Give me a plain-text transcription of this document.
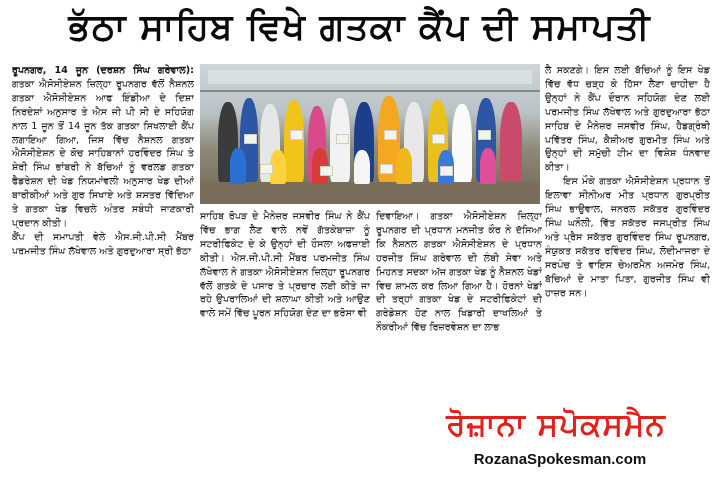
ਭੱਠਾ ਸਾਹਿਬ ਵਿਖੇ ਗਤਕਾ ਕੈਂਪ ਦੀ ਸਮਾਪਤੀ

ਰੂਪਨਗਰ, 14 ਜੂਨ (ਦਰਸ਼ਨ ਸਿੰਘ ਗਰੇਵਾਲ): ਗਤਕਾ ਐਸੋਸੀਏਸ਼ਨ ਜ਼ਿਲ੍ਹਾ ਰੂਪਨਗਰ ਵੱਲੋਂ ਨੈਸ਼ਨਲ ਗਤਕਾ ਐਸੋਸੀਏਸ਼ਨ ਆਫ ਇੰਡੀਆ ਦੇ ਦਿਸ਼ਾ ਨਿਰਦੇਸ਼ਾਂ ਅਨੁਸਾਰ ਤੇ ਐਸ ਜੀ ਪੀ ਸੀ ਦੇ ਸਹਿਯੋਗ ਨਾਲ 1 ਜੂਨ ਤੋਂ 14 ਜੂਨ ਤੱਕ ਗਤਕਾ ਸਿਖਲਾਈ ਕੈਂਪ ਲਗਾਇਆ ਗਿਆ, ਜਿਸ ਵਿੱਚ ਨੈਸ਼ਨਲ ਗਤਕਾ ਐਸੋਸੀਏਸ਼ਨ ਦੇ ਕੋਚ ਸਾਹਿਬਾਨਾਂ ਹਰਵਿੰਦਰ ਸਿੰਘ ਤੇ ਸ਼ੇਰੀ ਸਿੰਘ ਭਾਂਬਰੀ ਨੇ ਬੱਚਿਆਂ ਨੂੰ ਵਰਲਡ ਗਤਕਾ ਫੈਡਰੇਸ਼ਨ ਦੀ ਖੇਡ ਨਿਯਮਾਂਵਲੀ ਅਨੁਸਾਰ ਖੇਡ ਦੀਆਂ ਬਾਰੀਕੀਆਂ ਅਤੇ ਗੁਰ ਸਿਖਾਏ ਅਤੇ ਸ਼ਸਤਰ ਵਿੱਦਿਆ ਤੇ ਗਤਕਾ ਖੇਡ ਵਿਚਲੇ ਅੰਤਰ ਸਬੰਧੀ ਜਾਣਕਾਰੀ ਪ੍ਰਦਾਨ ਕੀਤੀ।

ਕੈਂਪ ਦੀ ਸਮਾਪਤੀ ਵੇਲੇ ਐਸ.ਜੀ.ਪੀ.ਸੀ ਮੈਂਬਰ ਪਰਮਜੀਤ ਸਿੰਘ ਲੱਖੇਵਾਲ ਅਤੇ ਗੁਰਦੁਆਰਾ ਸ੍ਰੀ ਭੱਠਾ

ਸਾਹਿਬ ਰੋਪੜ ਦੇ ਮੈਨੇਜ਼ਰ ਜਸਵੀਰ ਸਿੰਘ ਨੇ ਕੈਂਪ ਵਿੱਚ ਭਾਗ ਲੈਣ ਵਾਲੇ ਨਵੇਂ ਗੱਤਕੇਬਾਜ਼ਾ ਨੂੰ ਸਟਰੀਫਿਕੇਟ ਦੇ ਕੇ ਉਨ੍ਹਾਂ ਦੀ ਹੌਸਲਾ ਅਫਜ਼ਾਈ ਕੀਤੀ। ਐਸ.ਜੀ.ਪੀ.ਸੀ ਮੈਂਬਰ ਪਰਮਜੀਤ ਸਿੰਘ ਲੱਖੇਵਾਲ ਨੇ ਗਤਕਾ ਐਸੋਸੀਏਸ਼ਨ ਜ਼ਿਲ੍ਹਾ ਰੂਪਨਗਰ ਵੱਲੋਂ ਗਤਕੇ ਦੇ ਪਸਾਰ ਤੇ ਪ੍ਰਚਾਰ ਲਈ ਕੀਤੇ ਜਾ ਰਹੇ ਉਪਰਾਲਿਆਂ ਦੀ ਸ਼ਲਾਘਾ ਕੀਤੀ ਅਤੇ ਆਉਣ ਵਾਲੇ ਸਮੇਂ ਵਿੱਚ ਪੂਰਨ ਸਹਿਯੋਗ ਦੇਣ ਦਾ ਭਰੋਸਾ ਵੀ

ਦਿਵਾਇਆ। ਗਤਕਾ ਐਸੋਸੀਏਸ਼ਨ ਜ਼ਿਲ੍ਹਾ ਰੂਪਨਗਰ ਦੀ ਪ੍ਰਧਾਨ ਮਨਜੀਤ ਕੌਰ ਨੇ ਦੱਸਿਆ ਕਿ ਨੈਸ਼ਨਲ ਗਤਕਾ ਐਸੋਸੀਏਸ਼ਨ ਦੇ ਪ੍ਰਧਾਨ ਹਰਜੀਤ ਸਿੰਘ ਗਰੇਵਾਲ ਦੀ ਲੰਬੀ ਸੇਵਾ ਅਤੇ ਮਿਹਨਤ ਸਦਕਾ ਅੱਜ ਗਤਕਾ ਖੇਡ ਨੂੰ ਨੈਸ਼ਨਲ ਖੇਡਾਂ ਵਿਚ ਸ਼ਾਮਲ ਕਰ ਲਿਆ ਗਿਆ ਹੈ। ਹੋਰਨਾਂ ਖੇਡਾਂ ਦੀ ਤਰ੍ਹਾਂ ਗਤਕਾ ਖੇਡ ਦੇ ਸਟਰੀਫਿਕੇਟਾਂ ਦੀ ਗਰੇਡੇਸ਼ਨ ਹੋਣ ਨਾਲ ਖਿਡਾਰੀ ਦਾਖਲਿਆਂ ਤੇ ਨੌਕਰੀਆਂ ਵਿੱਚ ਰਿਜ਼ਰਵੇਸ਼ਨ ਦਾ ਲਾਭ

ਲੈ ਸਕਣਗੇ। ਇਸ ਲਈ ਬੱਚਿਆਂ ਨੂੰ ਇਸ ਖੇਡ ਵਿੱਚ ਵੱਧ ਚੜ੍ਹ ਕੇ ਹਿੱਸਾ ਲੈਣਾ ਚਾਹੀਦਾ ਹੈ ਉਨ੍ਹਾਂ ਨੇ ਕੈਂਪ ਦੌਰਾਨ ਸਹਿਯੋਗ ਦੇਣ ਲਈ ਪਰਮਜੀਤ ਸਿੰਘ ਲੱਖੇਵਾਲ ਅਤੇ ਗੁਰਦੁਆਰਾ ਭੱਠਾ ਸਾਹਿਬ ਦੇ ਮੈਨੇਜ਼ਰ ਜਸਵੀਰ ਸਿੰਘ, ਹੈਡਗ੍ਰੰਥੀ ਪਵਿੱਤਰ ਸਿੰਘ, ਕੈਸ਼ੀਅਰ ਗੁਰਮੀਤ ਸਿੰਘ ਅਤੇ ਉਨ੍ਹਾਂ ਦੀ ਸਮੁੱਚੀ ਟੀਮ ਦਾ ਵਿਸ਼ੇਸ਼ ਧੰਨਵਾਦ ਕੀਤਾ।

ਇਸ ਮੌਕੇ ਗਤਕਾ ਐਸੋਸੀਏਸ਼ਨ ਪ੍ਰਧਾਨ ਤੋਂ ਇਲਾਵਾ ਸੀਨੀਅਰ ਮੀਤ ਪ੍ਰਧਾਨ ਗੁਰਪ੍ਰੀਤ ਸਿੰਘ ਭਾਉਵਾਲ, ਜਨਰਲ ਸਕੱਤਰ ਗੁਰਵਿੰਦਰ ਸਿੰਘ ਘਨੌਲੀ, ਵਿੱਤ ਸਕੱਤਰ ਜਸਪ੍ਰੀਤ ਸਿੰਘ ਅਤੇ ਪ੍ਰੈਸ ਸਕੱਤਰ ਗੁਰਵਿੰਦਰ ਸਿੰਘ ਰੂਪਨਗਰ, ਸੰਯੁਕਤ ਸਕੱਤਰ ਰਵਿੰਦਰ ਸਿੰਘ, ਲੋਦੀਮਾਜਰਾ ਦੇ ਸਰਪੰਚ ਤੇ ਵਾਇਸ ਚੇਅਰਮੈਨ ਅਜਮੇਰ ਸਿੰਘ, ਬੱਚਿਆਂ ਦੇ ਮਾਤਾ ਪਿਤਾ, ਗੁਰਜੀਤ ਸਿੰਘ ਵੀ ਹਾਜ਼ਰ ਸਨ।

ਰੋਜ਼ਾਨਾ ਸਪੋਕਸਮੈਨ
RozanaSpokesman.com
